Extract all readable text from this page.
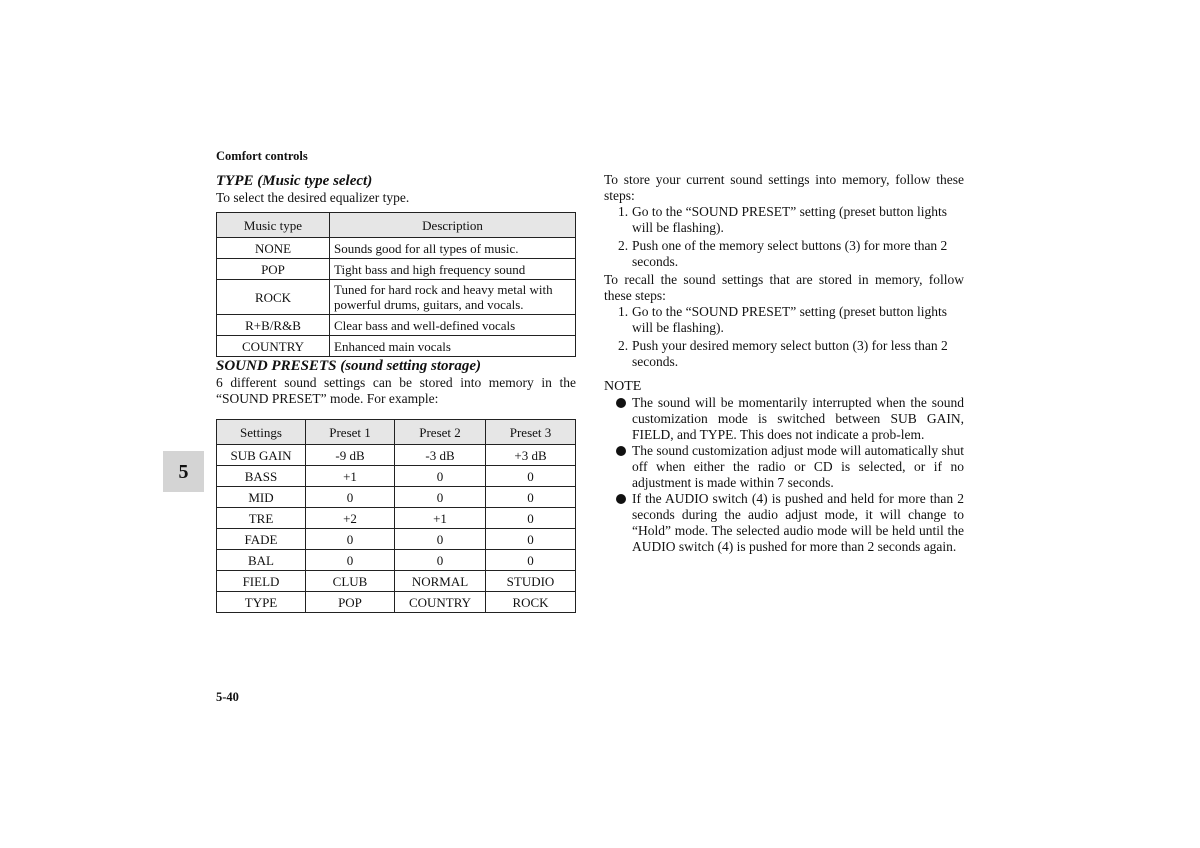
Comfort controls
5
5-40
TYPE (Music type select)

To select the desired equalizer type.

Music type	Description
NONE	Sounds good for all types of music.
POP	Tight bass and high frequency sound
ROCK	Tuned for hard rock and heavy metal with powerful drums, guitars, and vocals.
R+B/R&B	Clear bass and well-defined vocals
COUNTRY	Enhanced main vocals
SOUND PRESETS (sound setting storage)

6 different sound settings can be stored into memory in the “SOUND PRESET” mode. For example:

Settings	Preset 1	Preset 2	Preset 3
SUB GAIN	-9 dB	-3 dB	+3 dB
BASS	+1	0	0
MID	0	0	0
TRE	+2	+1	0
FADE	0	0	0
BAL	0	0	0
FIELD	CLUB	NORMAL	STUDIO
TYPE	POP	COUNTRY	ROCK

To store your current sound settings into memory, follow these steps:

1. Go to the “SOUND PRESET” setting (preset button lights will be flashing).
2. Push one of the memory select buttons (3) for more than 2 seconds.

To recall the sound settings that are stored in memory, follow these steps:

1. Go to the “SOUND PRESET” setting (preset button lights will be flashing).
2. Push your desired memory select button (3) for less than 2 seconds.
NOTE
The sound will be momentarily interrupted when the sound customization mode is switched between SUB GAIN, FIELD, and TYPE. This does not indicate a prob-lem.
The sound customization adjust mode will automatically shut off when either the radio or CD is selected, or if no adjustment is made within 7 seconds.
If the AUDIO switch (4) is pushed and held for more than 2 seconds during the audio adjust mode, it will change to “Hold” mode. The selected audio mode will be held until the AUDIO switch (4) is pushed for more than 2 seconds again.
